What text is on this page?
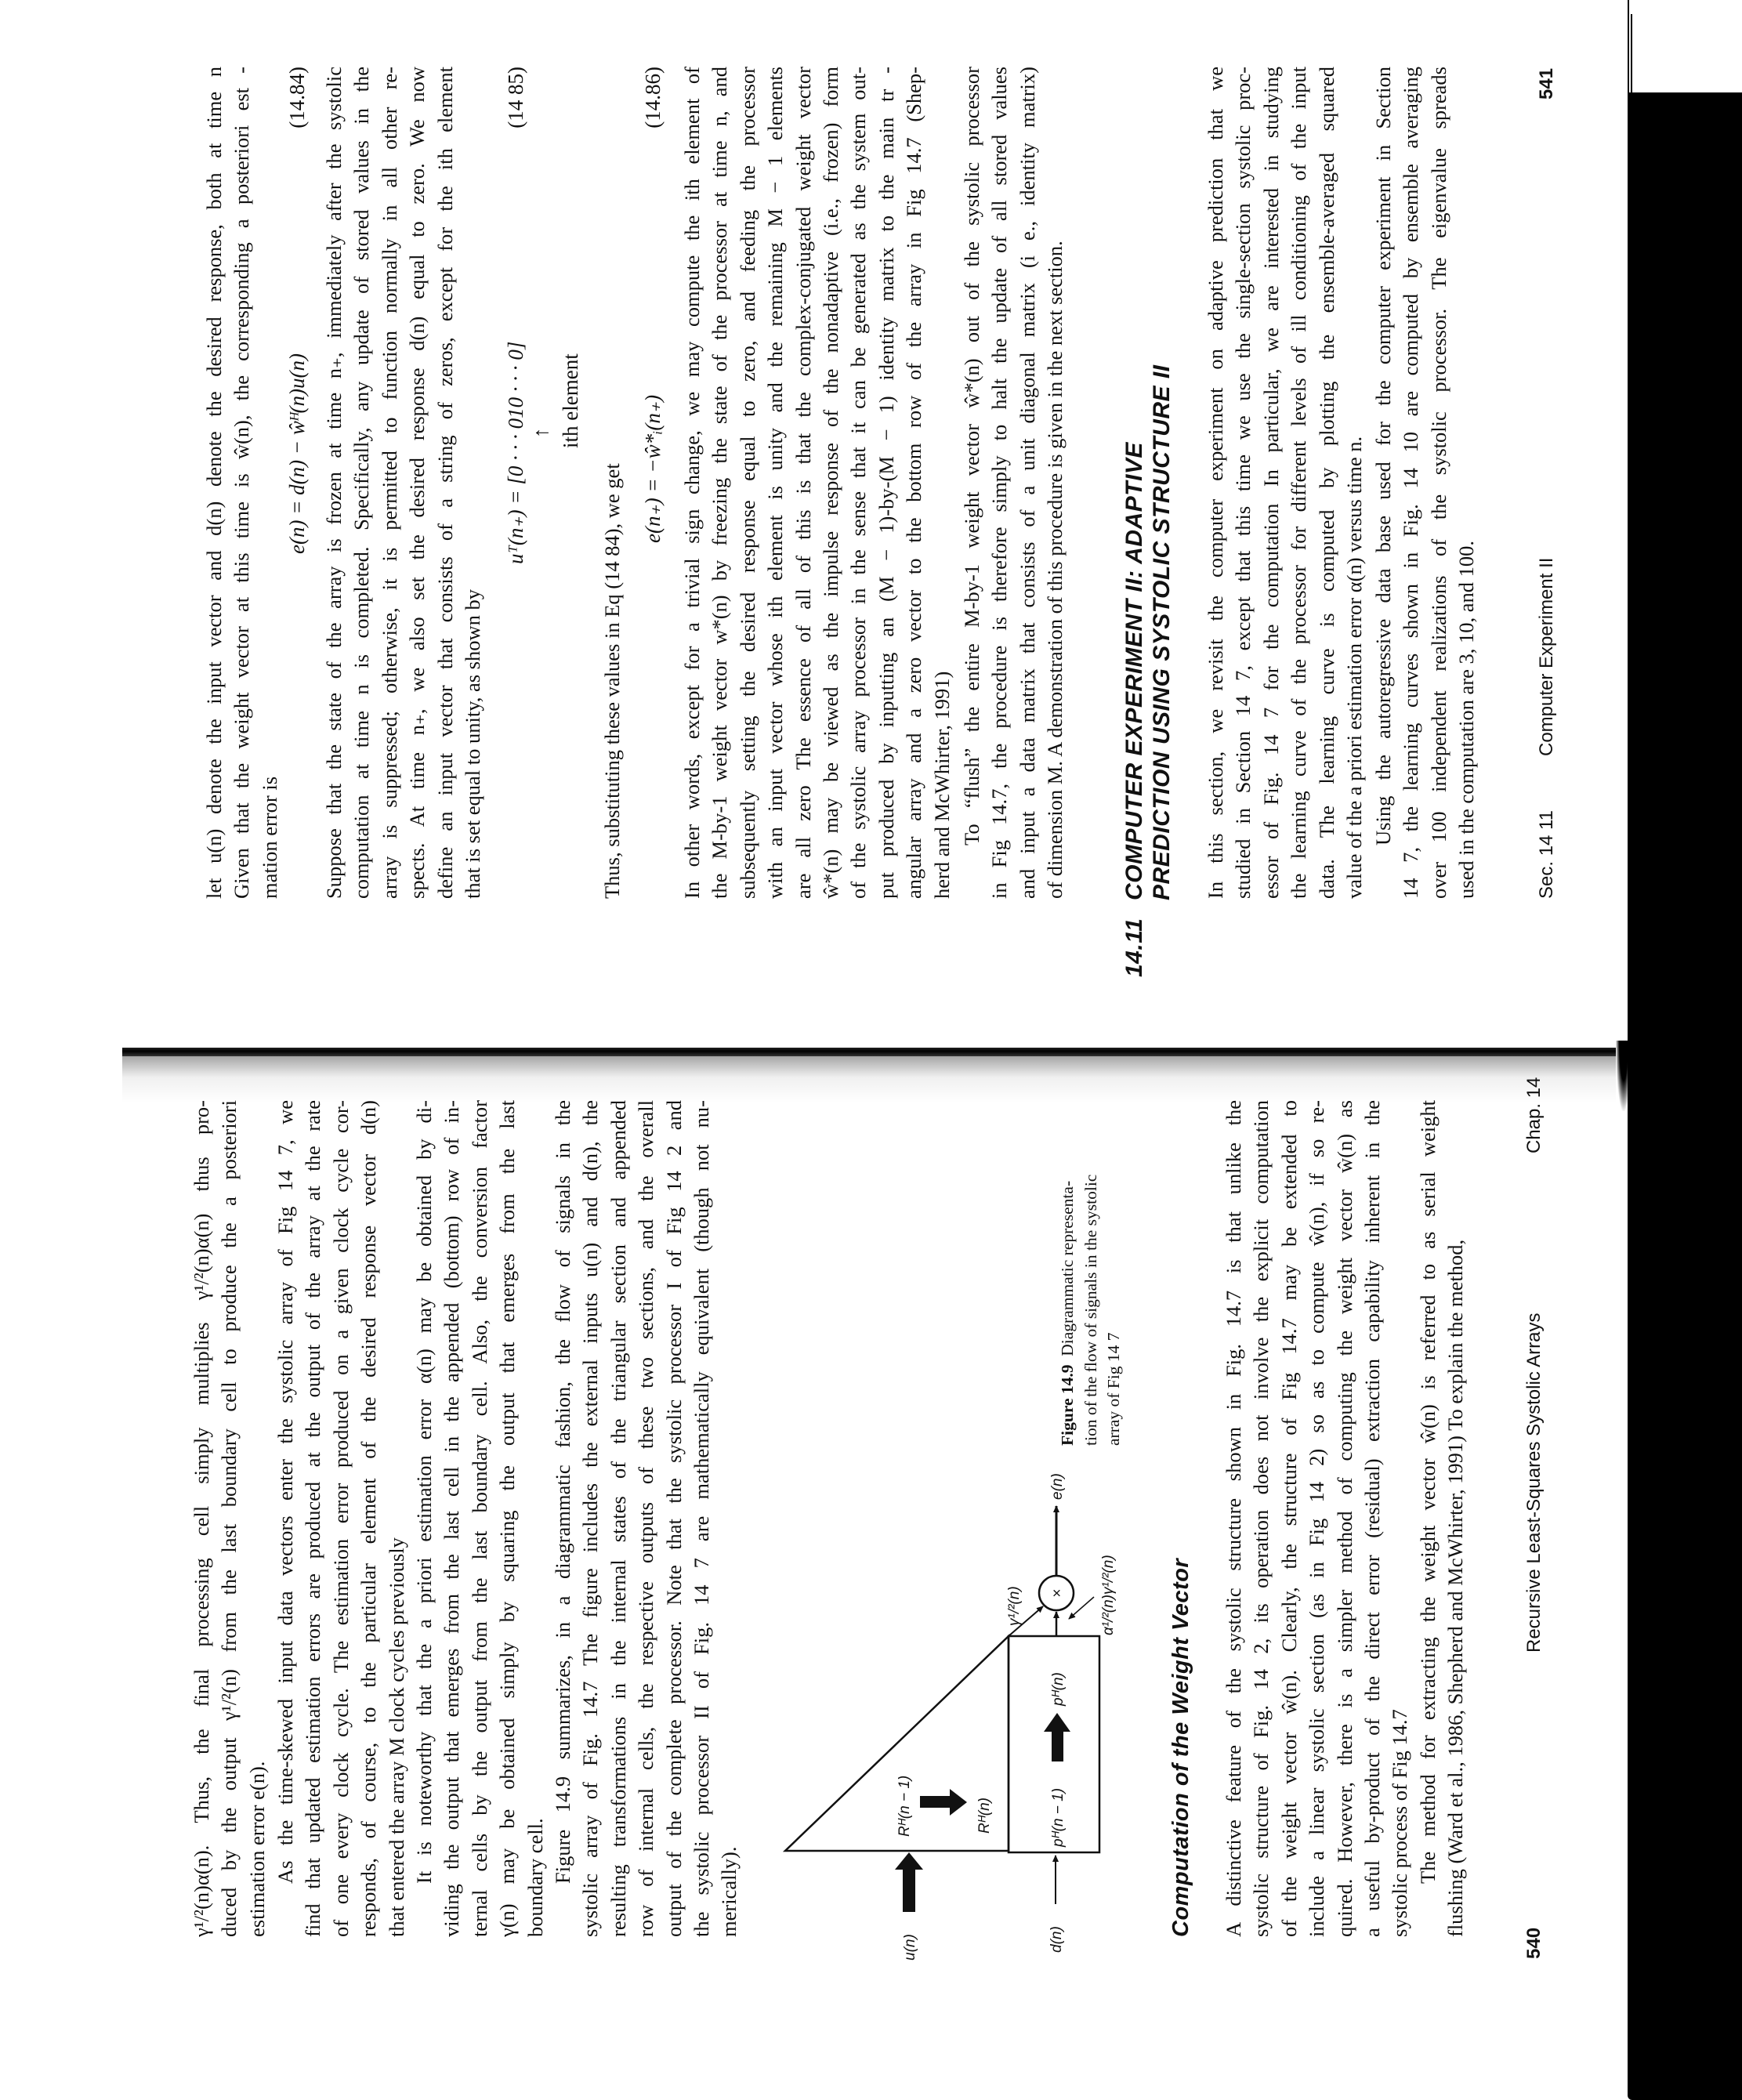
γ¹/²(n)α(n). Thus, the final processing cell simply multiplies γ¹/²(n)α(n) thus pro- duced by the output γ¹/²(n) from the last boundary cell to produce the a posteriori estimation error e(n). As the time-skewed input data vectors enter the systolic array of Fig 14 7, we find that updated estimation errors are produced at the output of the array at the rate of one every clock cycle. The estimation error produced on a given clock cycle cor- responds, of course, to the particular element of the desired response vector d(n) that entered the array M clock cycles previously It is noteworthy that the a priori estimation error α(n) may be obtained by di- viding the output that emerges from the last cell in the appended (bottom) row of in- ternal cells by the output from the last boundary cell. Also, the conversion factor γ(n) may be obtained simply by squaring the output that emerges from the last boundary cell. Figure 14.9 summarizes, in a diagrammatic fashion, the flow of signals in the systolic array of Fig. 14.7 The figure includes the external inputs u(n) and d(n), the resulting transformations in the internal states of the triangular section and appended row of internal cells, the respective outputs of these two sections, and the overall output of the complete processor. Note that the systolic processor I of Fig 14 2 and the systolic processor II of Fig. 14 7 are mathematically equivalent (though not nu- merically).
Figure 14.9  Diagrammatic representa- tion of the flow of signals in the systolic array of Fig 14 7
Computation of the Weight Vector A distinctive feature of the systolic structure shown in Fig. 14.7 is that unlike the systolic structure of Fig. 14 2, its operation does not involve the explicit computation of the weight vector ŵ(n). Clearly, the structure of Fig 14.7 may be extended to include a linear systolic section (as in Fig 14 2) so as to compute ŵ(n), if so re- quired. However, there is a simpler method of computing the weight vector ŵ(n) as a useful by-product of the direct error (residual) extraction capability inherent in the systolic process of Fig 14.7 The method for extracting the weight vector ŵ(n) is referred to as serial weight flushing (Ward et al., 1986, Shepherd and McWhirter, 1991) To explain the method,
540
Recursive Least-Squares Systolic Arrays
Chap. 14
u(n)	d(n)
Rᴴ(n − 1)	Rᴴ(n)	pᴴ(n − 1)
pᴴ(n)
×
e(n)
γ¹/²(n)	α¹/²(n)γ¹/²(n)
let u(n) denote the input vector and d(n) denote the desired response, both at time n Given that the weight vector at this time is ŵ(n), the corresponding a posteriori est - mation error is
e(n) = d(n) − ŵᴴ(n)u(n)
(14.84) Suppose that the state of the array is frozen at time n₊, immediately after the systolic computation at time n is completed. Specifically, any update of stored values in the array is suppressed; otherwise, it is permitted to function normally in all other re- spects. At time n₊, we also set the desired response d(n) equal to zero. We now define an input vector that consists of a string of zeros, except for the ith element that is set equal to unity, as shown by
uᵀ(n₊) = [0 · · · 010 · · · 0]
(14 85)
↑ ith element
Thus, substituting these values in Eq (14 84), we get e(n₊) = −ŵ*ᵢ(n₊)
(14.86) In other words, except for a trivial sign change, we may compute the ith element of the M-by-1 weight vector w*(n) by freezing the state of the processor at time n, and subsequently setting the desired response equal to zero, and feeding the processor with an input vector whose ith element is unity and the remaining M − 1 elements are all zero The essence of all of this is that the complex-conjugated weight vector ŵ*(n) may be viewed as the impulse response of the nonadaptive (i.e., frozen) form of the systolic array processor in the sense that it can be generated as the system out- put produced by inputting an (M − 1)-by-(M − 1) identity matrix to the main tr - angular array and a zero vector to the bottom row of the array in Fig 14.7 (Shep- herd and McWhirter, 1991) To “flush” the entire M-by-1 weight vector ŵ*(n) out of the systolic processor in Fig 14.7, the procedure is therefore simply to halt the update of all stored values and input a data matrix that consists of a unit diagonal matrix (i e., identity matrix) of dimension M. A demonstration of this procedure is given in the next section.
14.11
COMPUTER EXPERIMENT II: ADAPTIVE PREDICTION USING SYSTOLIC STRUCTURE II In this section, we revisit the computer experiment on adaptive prediction that we studied in Section 14 7, except that this time we use the single-section systolic proc- essor of Fig. 14 7 for the computation In particular, we are interested in studying the learning curve of the processor for different levels of ill conditioning of the input data. The learning curve is computed by plotting the ensemble-averaged squared value of the a priori estimation error α(n) versus time n. Using the autoregressive data base used for the computer experiment in Section 14 7, the learning curves shown in Fig. 14 10 are computed by ensemble averaging over 100 independent realizations of the systolic processor. The eigenvalue spreads used in the computation are 3, 10, and 100.	Sec. 14 11
Computer Experiment II
541
